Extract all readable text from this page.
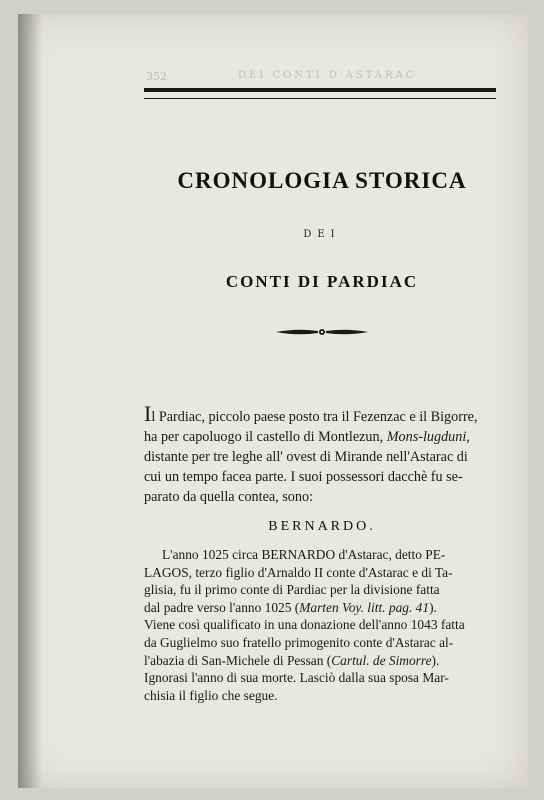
352	DEI CONTI D'ASTARAC
CRONOLOGIA STORICA
DEI
CONTI DI PARDIAC
Il Pardiac, piccolo paese posto tra il Fezenzac e il Bigorre,
ha per capoluogo il castello di Montlezun, Mons-lugduni,
distante per tre leghe all' ovest di Mirande nell'Astarac di
cui un tempo facea parte. I suoi possessori dacchè fu se-
parato da quella contea, sono:
BERNARDO.
L'anno 1025 circa BERNARDO d'Astarac, detto PE-
LAGOS, terzo figlio d'Arnaldo II conte d'Astarac e di Ta-
glisia, fu il primo conte di Pardiac per la divisione fatta
dal padre verso l'anno 1025 (Marten Voy. litt. pag. 41).
Viene così qualificato in una donazione dell'anno 1043 fatta
da Guglielmo suo fratello primogenito conte d'Astarac al-
l'abazia di San-Michele di Pessan (Cartul. de Simorre).
Ignorasi l'anno di sua morte. Lasciò dalla sua sposa Mar-
chisia il figlio che segue.
